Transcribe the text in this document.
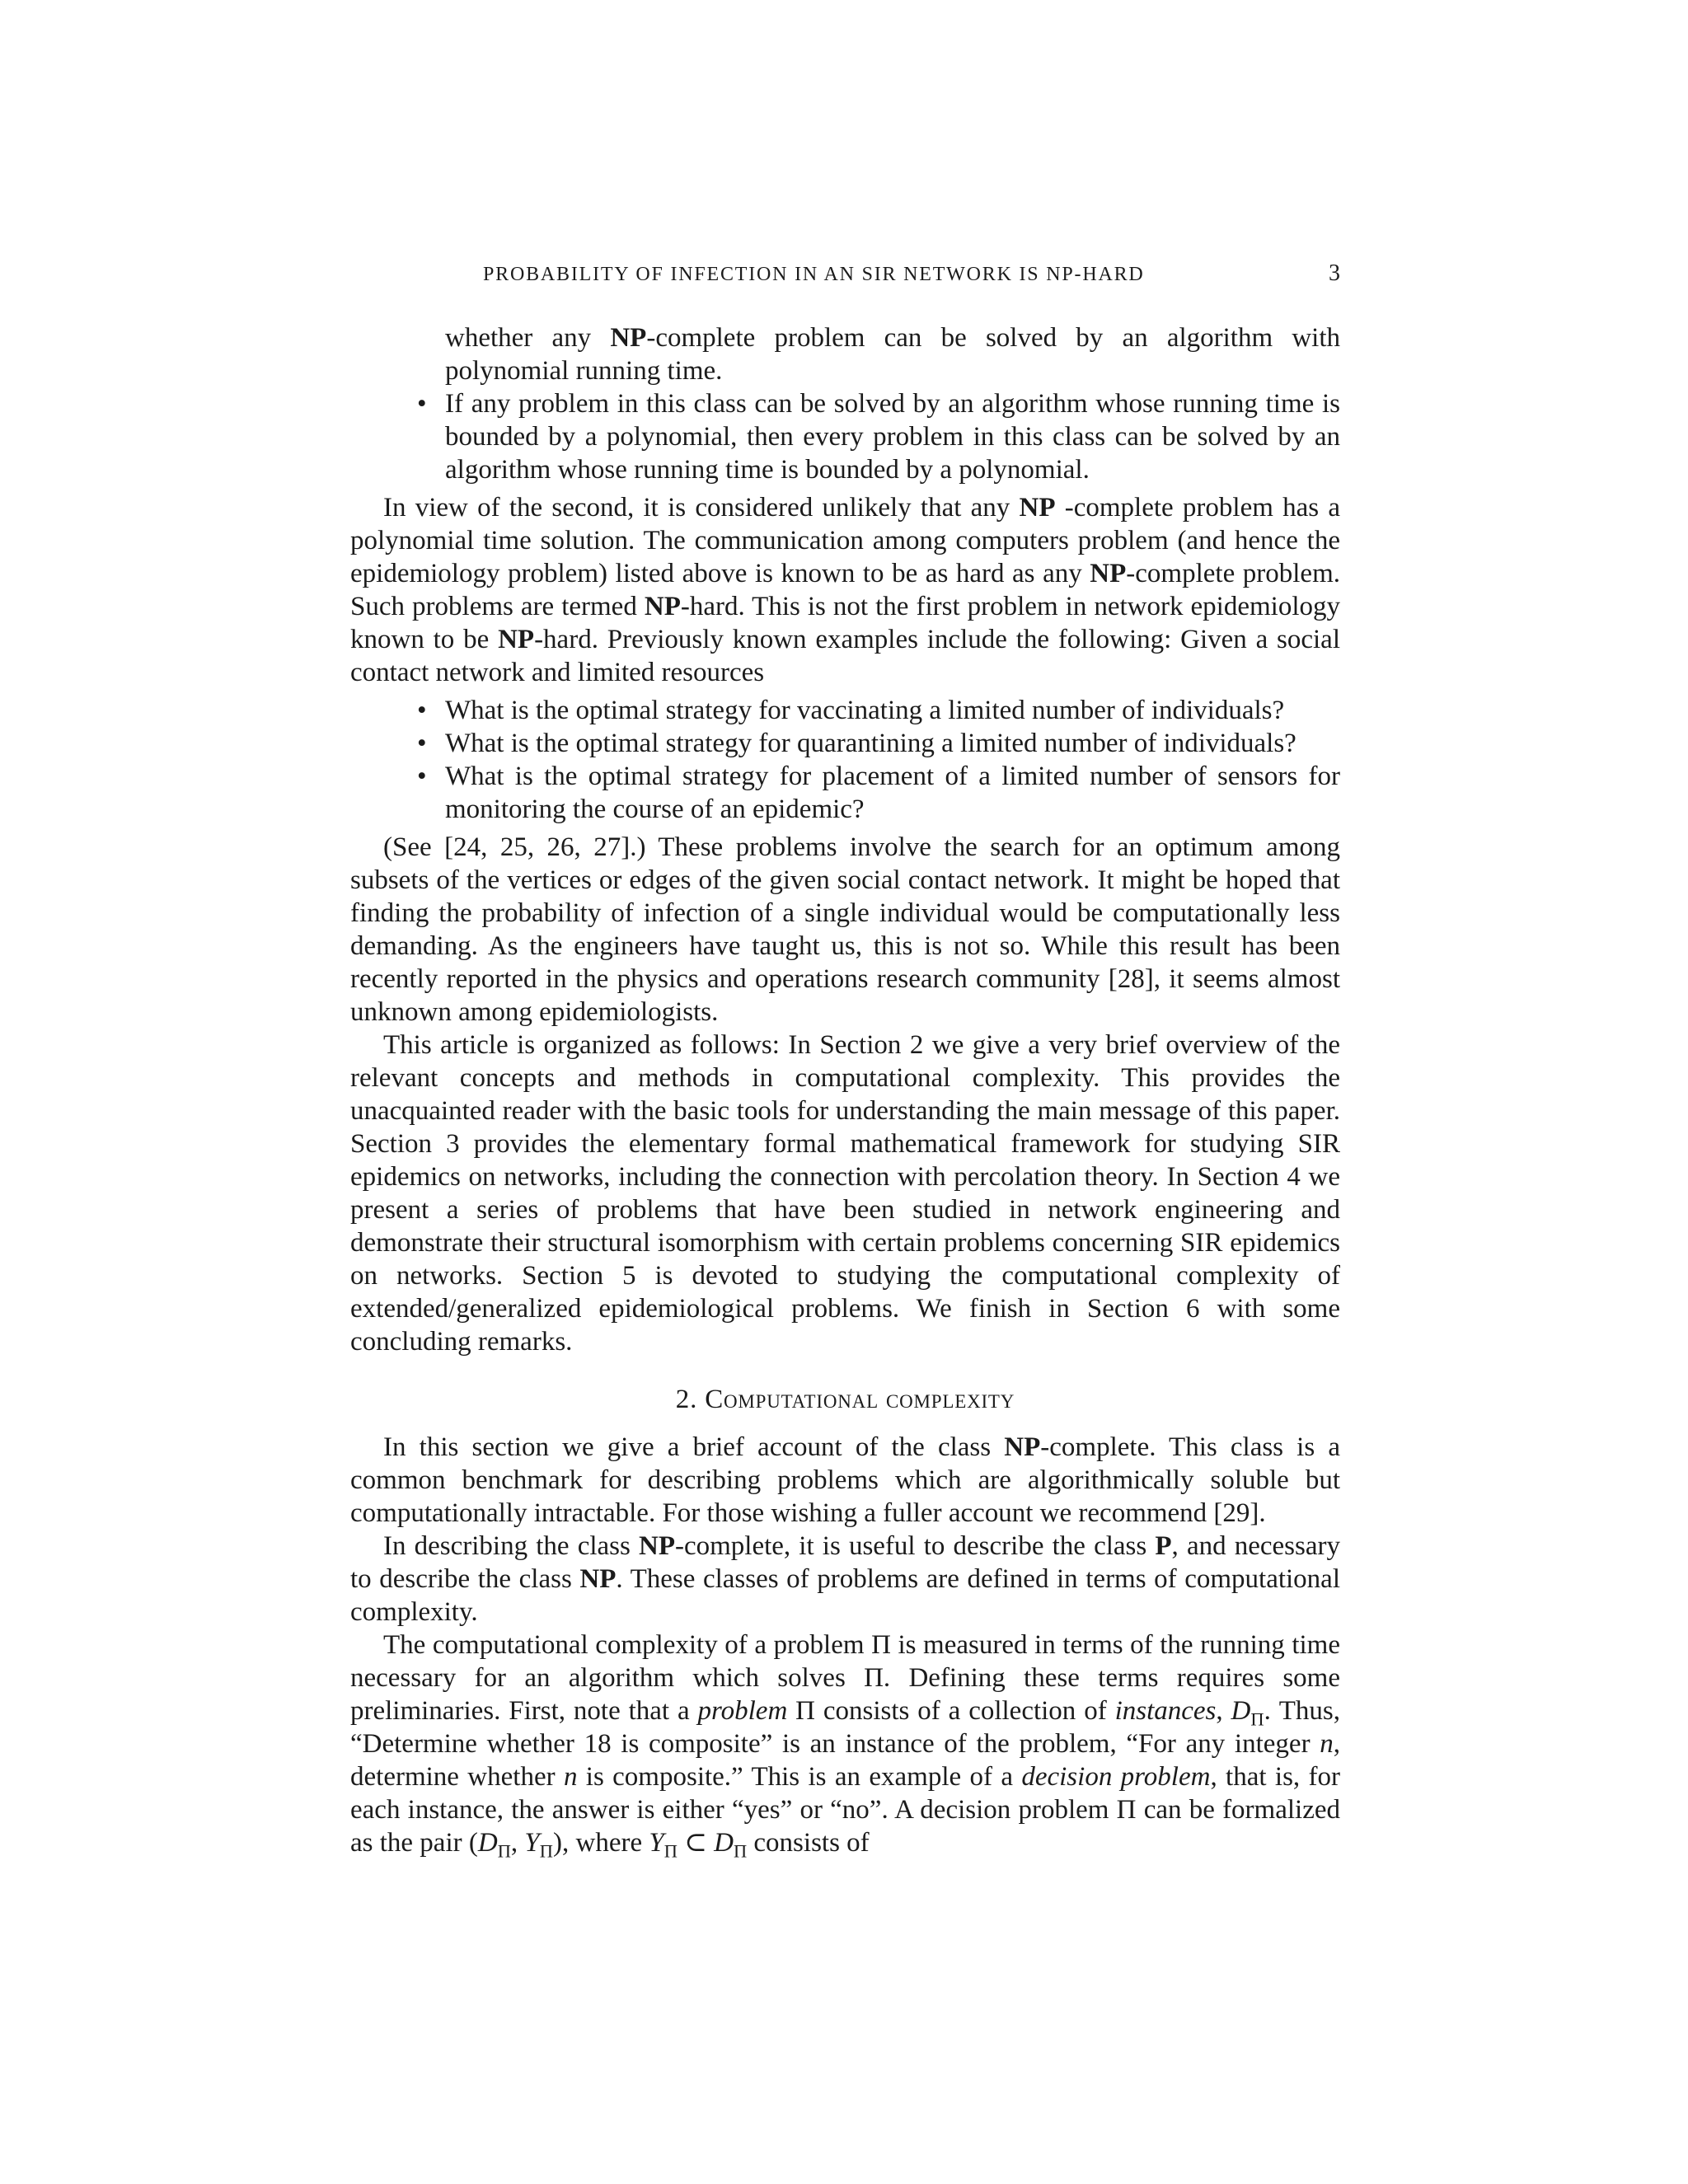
PROBABILITY OF INFECTION IN AN SIR NETWORK IS NP-HARD	3
whether any NP-complete problem can be solved by an algorithm with polynomial running time.
• If any problem in this class can be solved by an algorithm whose running time is bounded by a polynomial, then every problem in this class can be solved by an algorithm whose running time is bounded by a polynomial.

In view of the second, it is considered unlikely that any NP -complete problem has a polynomial time solution. The communication among computers problem (and hence the epidemiology problem) listed above is known to be as hard as any NP-complete problem. Such problems are termed NP-hard. This is not the first problem in network epidemiology known to be NP-hard. Previously known examples include the following: Given a social contact network and limited resources

• What is the optimal strategy for vaccinating a limited number of individuals?
• What is the optimal strategy for quarantining a limited number of individuals?
• What is the optimal strategy for placement of a limited number of sensors for monitoring the course of an epidemic?

(See [24, 25, 26, 27].) These problems involve the search for an optimum among subsets of the vertices or edges of the given social contact network. It might be hoped that finding the probability of infection of a single individual would be computationally less demanding. As the engineers have taught us, this is not so. While this result has been recently reported in the physics and operations research community [28], it seems almost unknown among epidemiologists.

This article is organized as follows: In Section 2 we give a very brief overview of the relevant concepts and methods in computational complexity. This provides the unacquainted reader with the basic tools for understanding the main message of this paper. Section 3 provides the elementary formal mathematical framework for studying SIR epidemics on networks, including the connection with percolation theory. In Section 4 we present a series of problems that have been studied in network engineering and demonstrate their structural isomorphism with certain problems concerning SIR epidemics on networks. Section 5 is devoted to studying the computational complexity of extended/generalized epidemiological problems. We finish in Section 6 with some concluding remarks.

2. Computational complexity

In this section we give a brief account of the class NP-complete. This class is a common benchmark for describing problems which are algorithmically soluble but computationally intractable. For those wishing a fuller account we recommend [29].

In describing the class NP-complete, it is useful to describe the class P, and necessary to describe the class NP. These classes of problems are defined in terms of computational complexity.

The computational complexity of a problem Π is measured in terms of the running time necessary for an algorithm which solves Π. Defining these terms requires some preliminaries. First, note that a problem Π consists of a collection of instances, $D_\Pi$. Thus, “Determine whether 18 is composite” is an instance of the problem, “For any integer n, determine whether n is composite.” This is an example of a decision problem, that is, for each instance, the answer is either “yes” or “no”. A decision problem Π can be formalized as the pair ($D_\Pi$, $Y_\Pi$), where $Y_\Pi$ ⊂ $D_\Pi$ consists of
